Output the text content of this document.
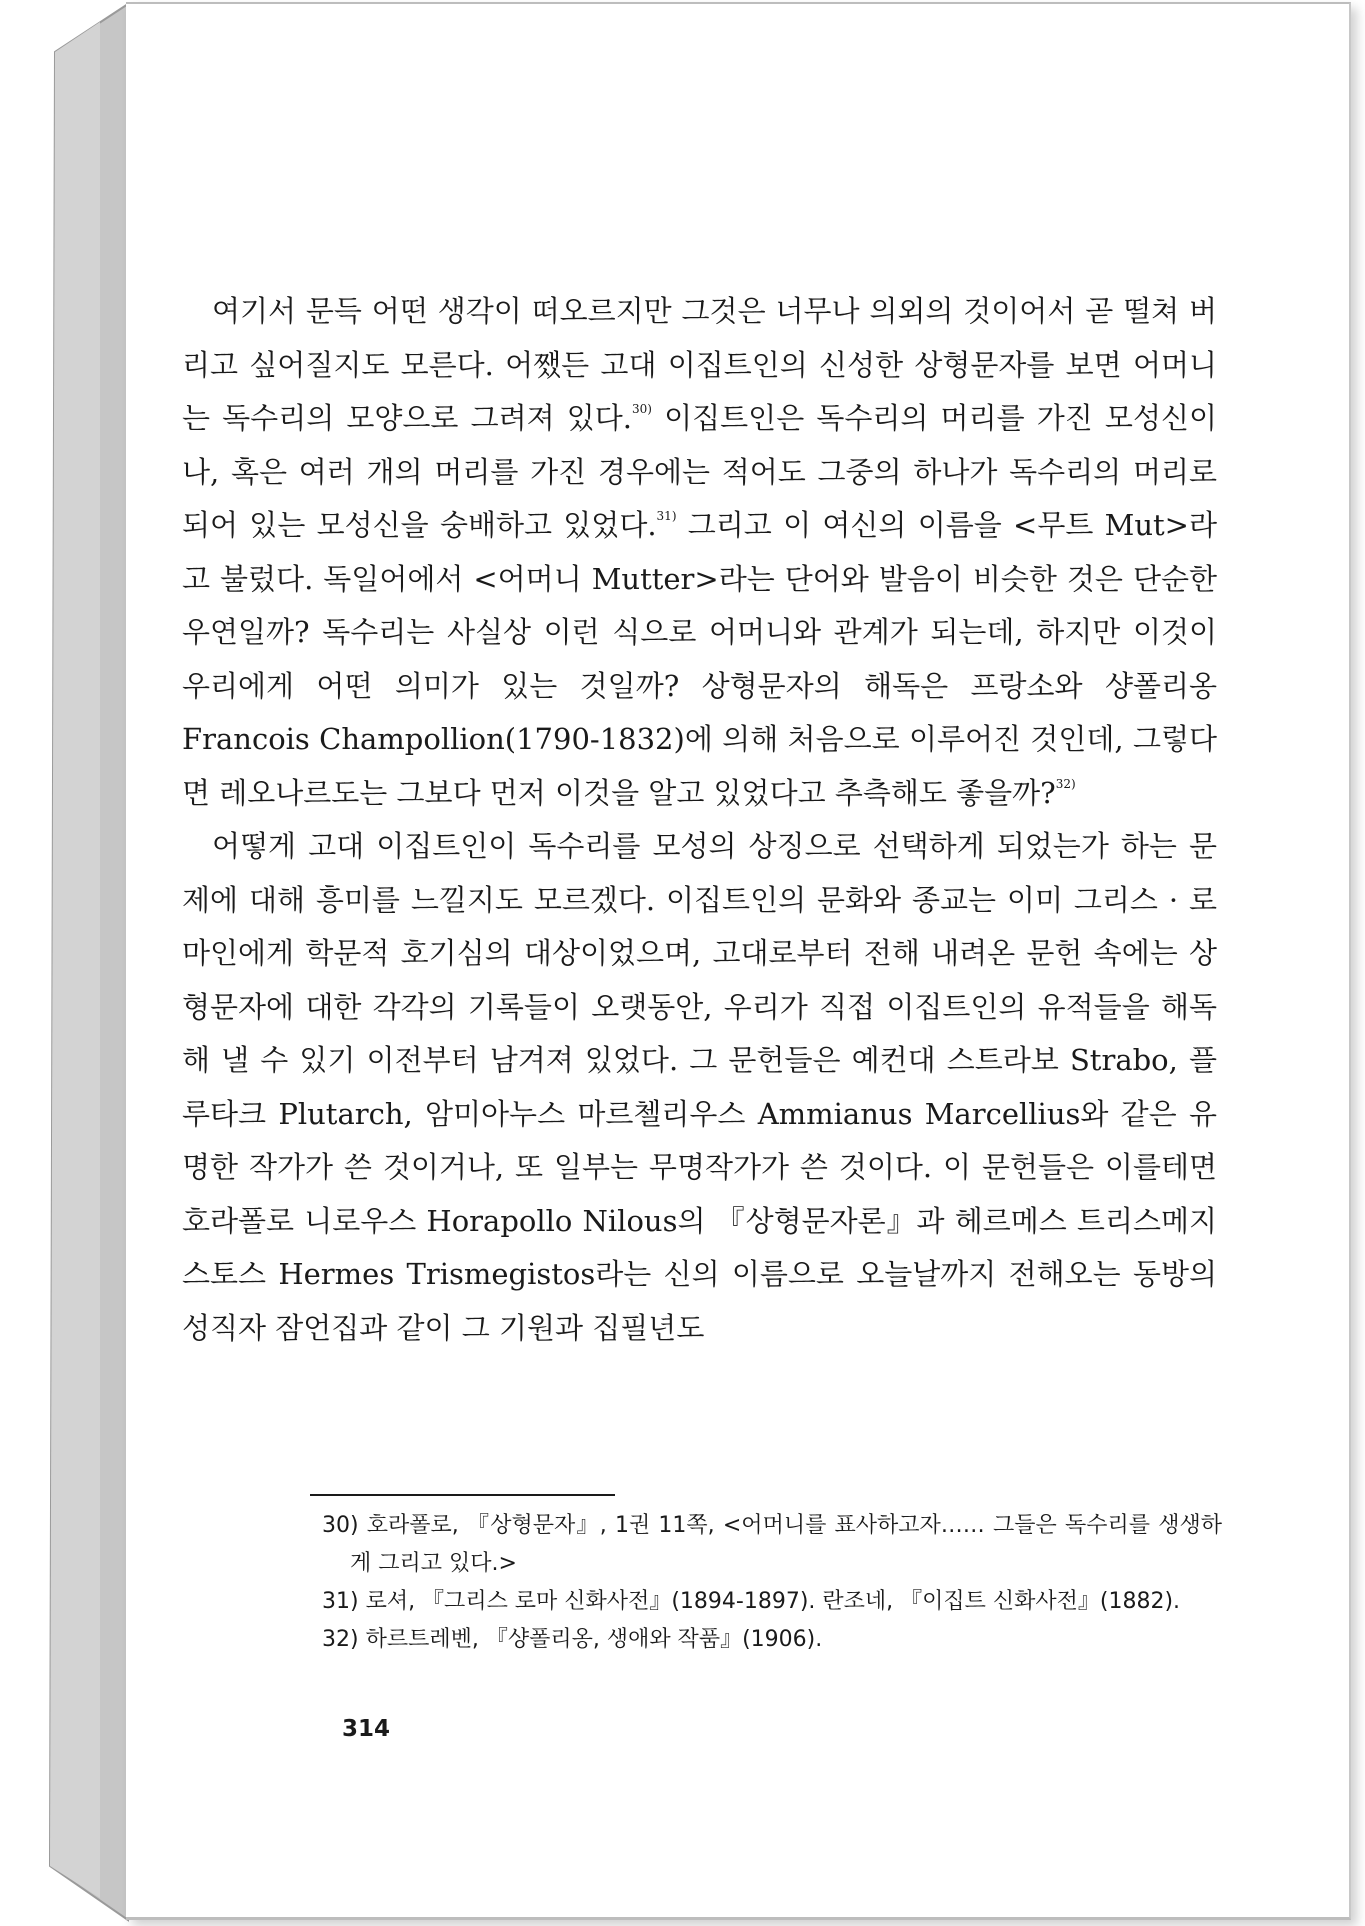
여기서 문득 어떤 생각이 떠오르지만 그것은 너무나 의외의 것이어서 곧 떨쳐 버리고 싶어질지도 모른다. 어쨌든 고대 이집트인의 신성한 상형문자를 보면 어머니는 독수리의 모양으로 그려져 있다.$^{30)}$ 이집트인은 독수리의 머리를 가진 모성신이나, 혹은 여러 개의 머리를 가진 경우에는 적어도 그중의 하나가 독수리의 머리로 되어 있는 모성신을 숭배하고 있었다.$^{31)}$ 그리고 이 여신의 이름을 <무트 Mut>라고 불렀다. 독일어에서 <어머니 Mutter>라는 단어와 발음이 비슷한 것은 단순한 우연일까? 독수리는 사실상 이런 식으로 어머니와 관계가 되는데, 하지만 이것이 우리에게 어떤 의미가 있는 것일까? 상형문자의 해독은 프랑소와 샹폴리옹 Francois Champollion(1790-1832)에 의해 처음으로 이루어진 것인데, 그렇다면 레오나르도는 그보다 먼저 이것을 알고 있었다고 추측해도 좋을까?$^{32)}$

어떻게 고대 이집트인이 독수리를 모성의 상징으로 선택하게 되었는가 하는 문제에 대해 흥미를 느낄지도 모르겠다. 이집트인의 문화와 종교는 이미 그리스 · 로마인에게 학문적 호기심의 대상이었으며, 고대로부터 전해 내려온 문헌 속에는 상형문자에 대한 각각의 기록들이 오랫동안, 우리가 직접 이집트인의 유적들을 해독해 낼 수 있기 이전부터 남겨져 있었다. 그 문헌들은 예컨대 스트라보 Strabo, 플루타크 Plutarch, 암미아누스 마르첼리우스 Ammianus Marcellius와 같은 유명한 작가가 쓴 것이거나, 또 일부는 무명작가가 쓴 것이다. 이 문헌들은 이를테면 호라폴로 니로우스 Horapollo Nilous의 『상형문자론』과 헤르메스 트리스메지스토스 Hermes Trismegistos라는 신의 이름으로 오늘날까지 전해오는 동방의 성직자 잠언집과 같이 그 기원과 집필년도

30) 호라폴로, 『상형문자』, 1권 11쪽, <어머니를 표사하고자…… 그들은 독수리를 생생하게 그리고 있다.>

31) 로셔, 『그리스 로마 신화사전』(1894-1897). 란조네, 『이집트 신화사전』(1882).

32) 하르트레벤, 『샹폴리옹, 생애와 작품』(1906).

314
